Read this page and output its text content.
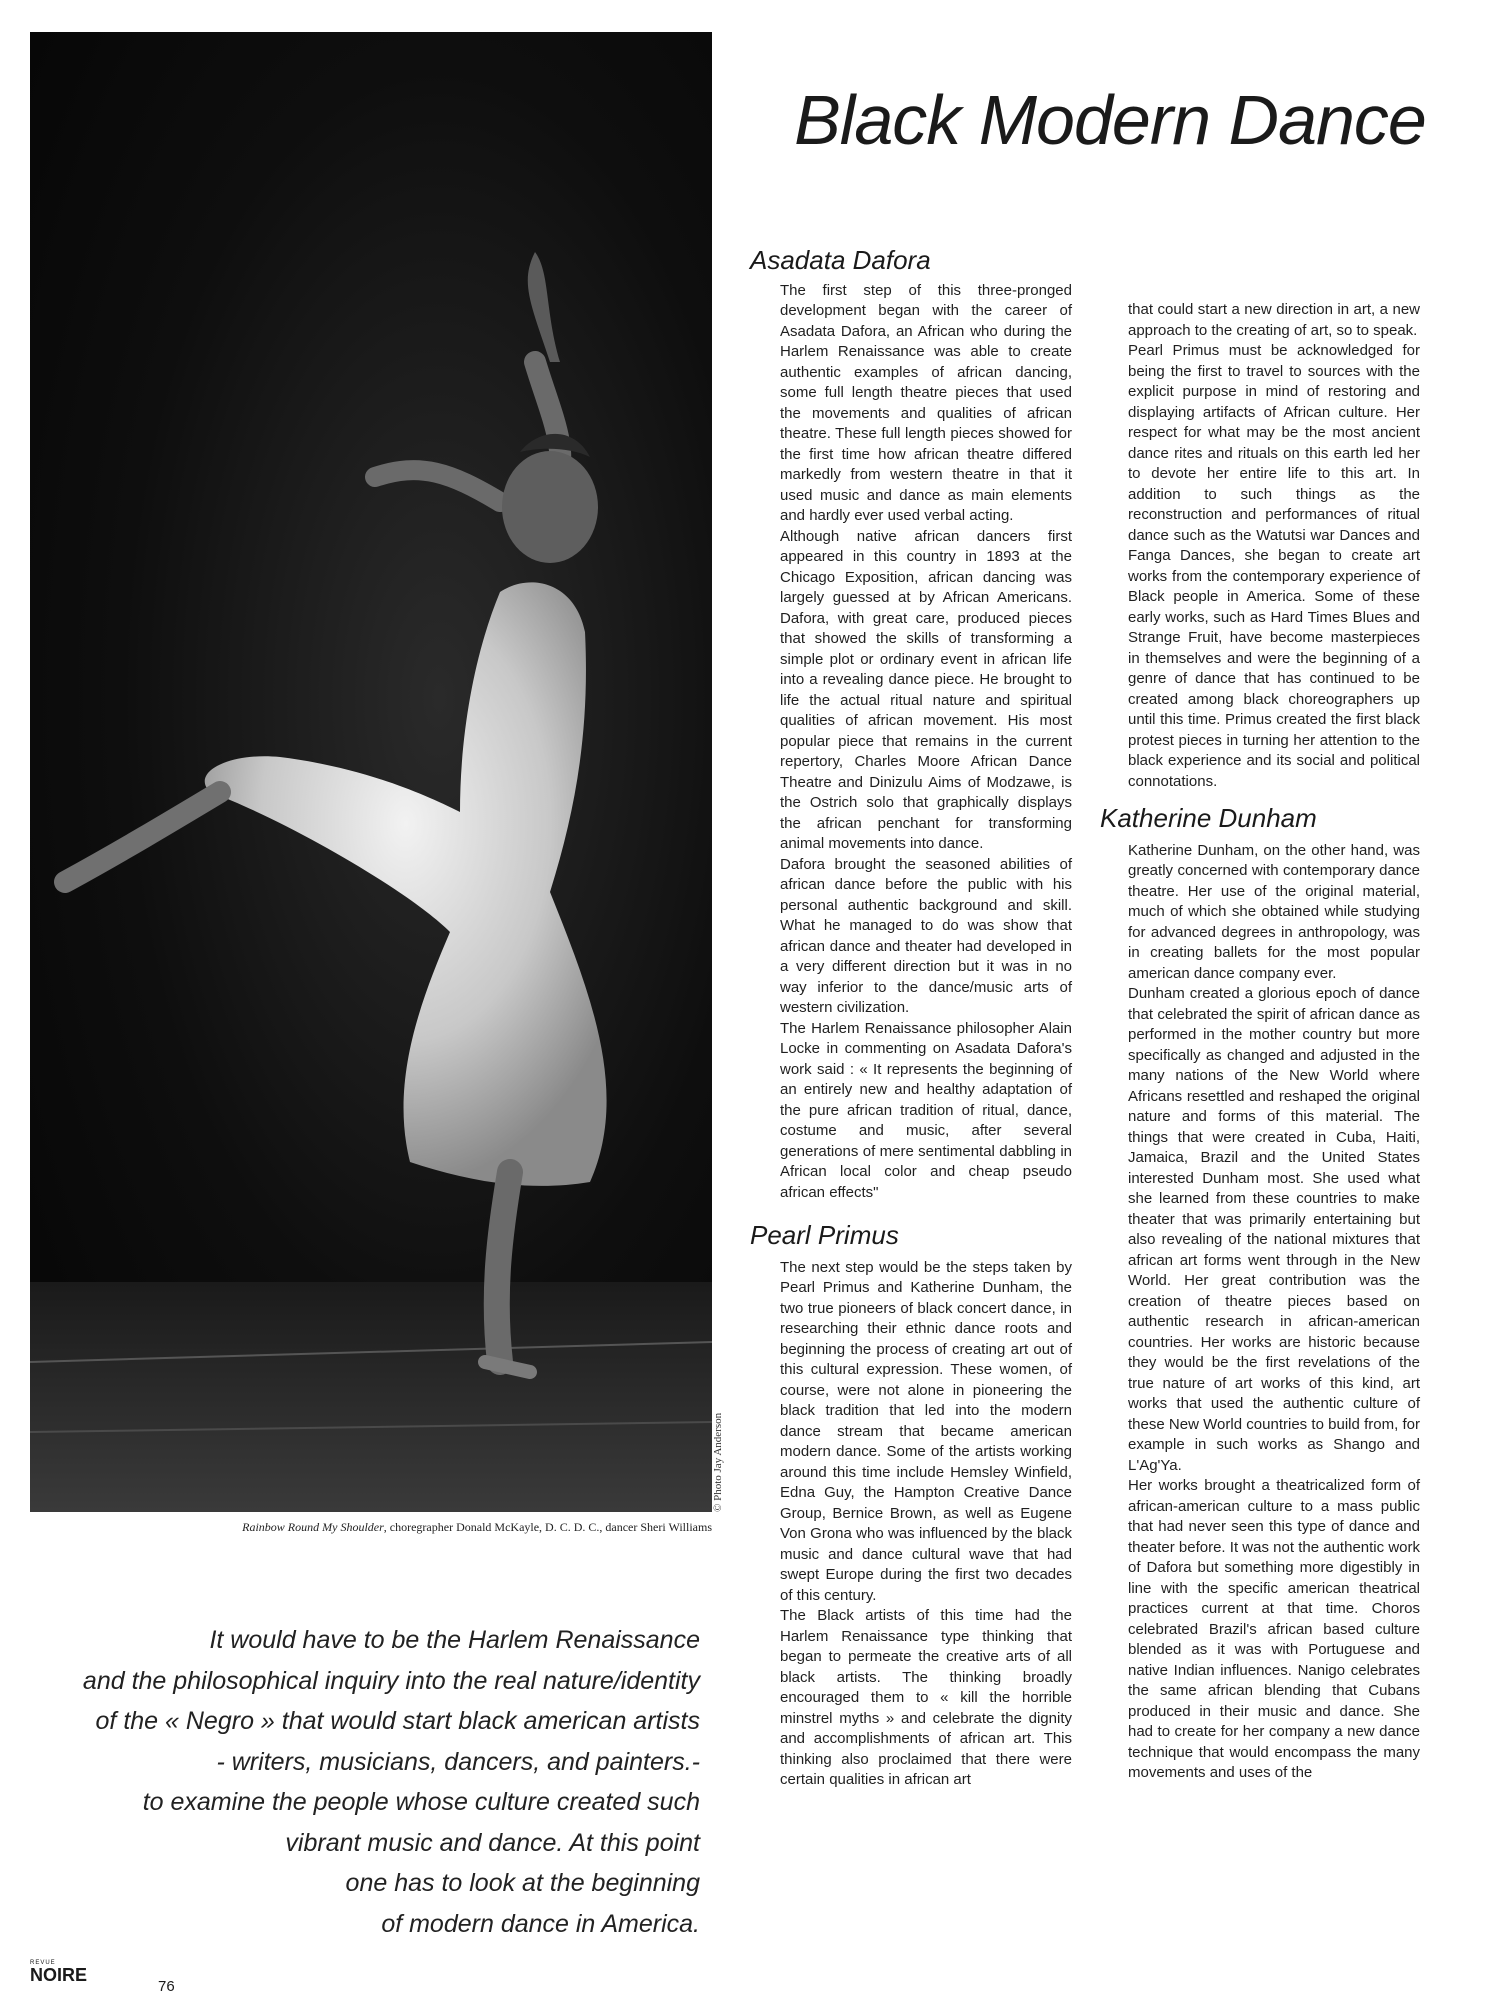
© Photo Jay Anderson
Rainbow Round My Shoulder, choregrapher Donald McKayle, D. C. D. C., dancer Sheri Williams
It would have to be the Harlem Renaissance
and the philosophical inquiry into the real nature/identity
of the « Negro » that would start black american artists
- writers, musicians, dancers, and painters.-
to examine the people whose culture created such
vibrant music and dance. At this point
one has to look at the beginning
of modern dance in America.
Black Modern Dance
Asadata Dafora

The first step of this three-pronged development began with the career of Asadata Dafora, an African who during the Harlem Renaissance was able to create authentic examples of african dancing, some full length theatre pieces that used the movements and qualities of african theatre. These full length pieces showed for the first time how african theatre differed markedly from western theatre in that it used music and dance as main elements and hardly ever used verbal acting.

Although native african dancers first appeared in this country in 1893 at the Chicago Exposition, african dancing was largely guessed at by African Americans. Dafora, with great care, produced pieces that showed the skills of transforming a simple plot or ordinary event in african life into a revealing dance piece. He brought to life the actual ritual nature and spiritual qualities of african movement. His most popular piece that remains in the current repertory, Charles Moore African Dance Theatre and Dinizulu Aims of Modzawe, is the Ostrich solo that graphically displays the african penchant for transforming animal movements into dance.

Dafora brought the seasoned abilities of african dance before the public with his personal authentic background and skill. What he managed to do was show that african dance and theater had developed in a very different direction but it was in no way inferior to the dance/music arts of western civilization.

The Harlem Renaissance philosopher Alain Locke in commenting on Asadata Dafora's work said : « It represents the beginning of an entirely new and healthy adaptation of the pure african tradition of ritual, dance, costume and music, after several generations of mere sentimental dabbling in African local color and cheap pseudo african effects"

Pearl Primus

The next step would be the steps taken by Pearl Primus and Katherine Dunham, the two true pioneers of black concert dance, in researching their ethnic dance roots and beginning the process of creating art out of this cultural expression. These women, of course, were not alone in pioneering the black tradition that led into the modern dance stream that became american modern dance. Some of the artists working around this time include Hemsley Winfield, Edna Guy, the Hampton Creative Dance Group, Bernice Brown, as well as Eugene Von Grona who was influenced by the black music and dance cultural wave that had swept Europe during the first two decades of this century.

The Black artists of this time had the Harlem Renaissance type thinking that began to permeate the creative arts of all black artists. The thinking broadly encouraged them to « kill the horrible minstrel myths » and celebrate the dignity and accomplishments of african art. This thinking also proclaimed that there were certain qualities in african art

that could start a new direction in art, a new approach to the creating of art, so to speak.

Pearl Primus must be acknowledged for being the first to travel to sources with the explicit purpose in mind of restoring and displaying artifacts of African culture. Her respect for what may be the most ancient dance rites and rituals on this earth led her to devote her entire life to this art. In addition to such things as the reconstruction and performances of ritual dance such as the Watutsi war Dances and Fanga Dances, she began to create art works from the contemporary experience of Black people in America. Some of these early works, such as Hard Times Blues and Strange Fruit, have become masterpieces in themselves and were the beginning of a genre of dance that has continued to be created among black choreographers up until this time. Primus created the first black protest pieces in turning her attention to the black experience and its social and political connotations.

Katherine Dunham

Katherine Dunham, on the other hand, was greatly concerned with contemporary dance theatre. Her use of the original material, much of which she obtained while studying for advanced degrees in anthropology, was in creating ballets for the most popular american dance company ever.

Dunham created a glorious epoch of dance that celebrated the spirit of african dance as performed in the mother country but more specifically as changed and adjusted in the many nations of the New World where Africans resettled and reshaped the original nature and forms of this material. The things that were created in Cuba, Haiti, Jamaica, Brazil and the United States interested Dunham most. She used what she learned from these countries to make theater that was primarily entertaining but also revealing of the national mixtures that african art forms went through in the New World. Her great contribution was the creation of theatre pieces based on authentic research in african-american countries. Her works are historic because they would be the first revelations of the true nature of art works of this kind, art works that used the authentic culture of these New World countries to build from, for example in such works as Shango and L'Ag'Ya.

Her works brought a theatricalized form of african-american culture to a mass public that had never seen this type of dance and theater before. It was not the authentic work of Dafora but something more digestibly in line with the specific american theatrical practices current at that time. Choros celebrated Brazil's african based culture blended as it was with Portuguese and native Indian influences. Nanigo celebrates the same african blending that Cubans produced in their music and dance. She had to create for her company a new dance technique that would encompass the many movements and uses of the

REVUE
NOIRE
76
